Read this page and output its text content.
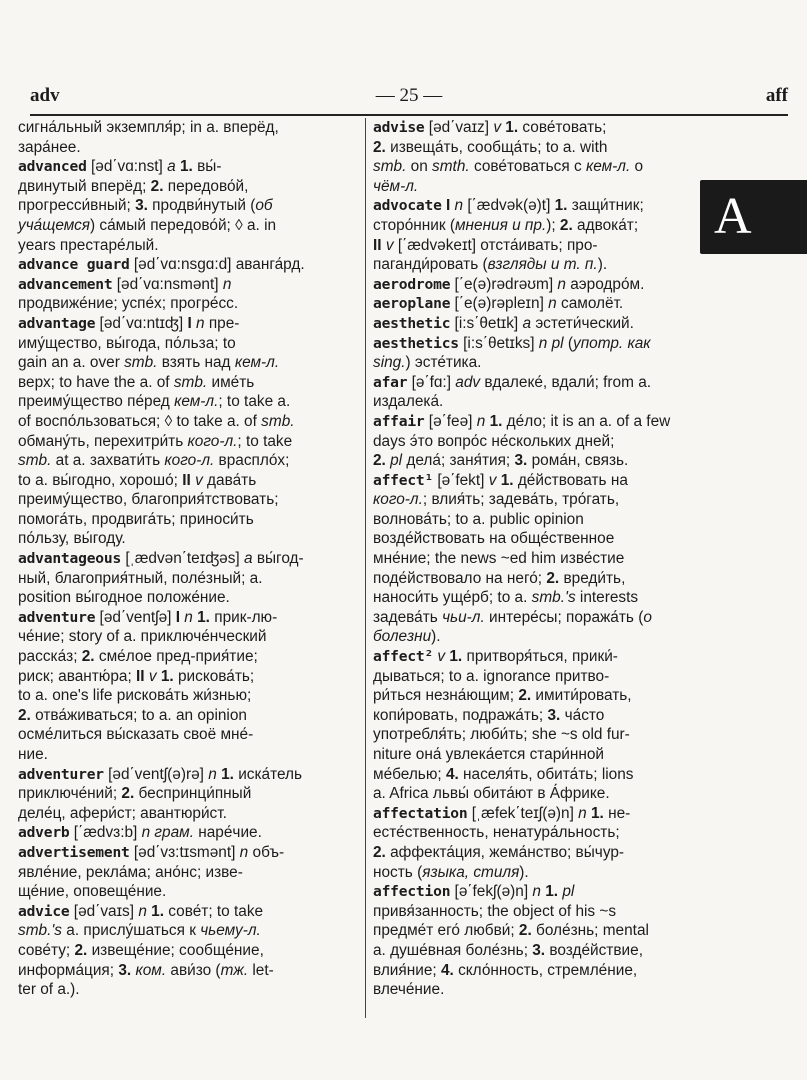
adv	— 25 —	aff
сигна́льный экземпля́р; in a. вперёд,
зара́нее.
advanced [əd΄vɑ:nst] a 1. вы́-
двинутый вперёд; 2. передово́й,
прогресси́вный; 3. продви́нутый (об
уча́щемся) са́мый передово́й; ◊ a. in
years престаре́лый.
advance guard [əd΄vɑ:nsgɑ:d] аванга́рд.
advancement [əd΄vɑ:nsmənt] n
продвиже́ние; успе́х; прогре́сс.
advantage [əd΄vɑ:ntɪʤ] I n пре-
иму́щество, вы́года, по́льза; to
gain an a. over smb. взять над кем-л.
верх; to have the a. of smb. име́ть
преиму́щество пе́ред кем-л.; to take a.
of воспо́льзоваться; ◊ to take a. of smb.
обману́ть, перехитри́ть кого-л.; to take
smb. at a. захвати́ть кого-л. врасплóх;
to a. вы́годно, хорошо́; II v дава́ть
преиму́щество, благоприя́тствовать;
помога́ть, продвига́ть; приноси́ть
по́льзу, вы́году.
advantageous [ˌædvən΄teɪʤəs] a вы́год-
ный, благоприя́тный, поле́зный; a.
position вы́годное положе́ние.
adventure [əd΄ventʃə] I n 1. прик-лю-
че́ние; story of a. приключе́нческий
расска́з; 2. сме́лое пред-прия́тие;
риск; авантю́ра; II v 1. рискова́ть;
to a. one's life рискова́ть жи́знью;
2. отва́живаться; to a. an opinion
осме́литься вы́сказать своё мне́-
ние.
adventurer [əd΄ventʃ(ə)rə] n 1. иска́тель
приключе́ний; 2. беспринци́пный
деле́ц, афери́ст; авантюри́ст.
adverb [΄ædvɜ:b] n грам. наре́чие.
advertisement [əd΄vɜ:tɪsmənt] n объ-
явле́ние, рекла́ма; ано́нс; изве-
ще́ние, оповеще́ние.
advice [əd΄vaɪs] n 1. сове́т; to take
smb.'s a. прислу́шаться к чьему-л.
сове́ту; 2. извеще́ние; сообще́ние,
информа́ция; 3. ком. ави́зо (тж. let-
ter of a.).
advise [əd΄vaɪz] v 1. сове́товать;
2. извеща́ть, сообща́ть; to a. with
smb. on smth. сове́товаться с кем-л. о
чём-л.
advocate I n [΄ædvək(ə)t] 1. защи́тник;
сторо́нник (мнения и пр.); 2. адвока́т;
II v [΄ædvəkeɪt] отста́ивать; про-
паганди́ровать (взгляды и т. п.).
aerodrome [΄e(ə)rədrəʊm] n аэродро́м.
aeroplane [΄e(ə)rəpleɪn] n самолёт.
aesthetic [i:s΄θetɪk] a эстети́ческий.
aesthetics [i:s΄θetɪks] n pl (употр. как
sing.) эсте́тика.
afar [ə΄fɑ:] adv вдалеке́, вдали́; from a.
издалека́.
affair [ə΄feə] n 1. де́ло; it is an a. of a few
days э́то вопро́с не́скольких дней;
2. pl дела́; заня́тия; 3. рома́н, связь.
affect¹ [ə΄fekt] v 1. де́йствовать на
кого-л.; влия́ть; задева́ть, тро́гать,
волнова́ть; to a. public opinion
возде́йствовать на обще́ственное
мне́ние; the news ~ed him изве́стие
поде́йствовало на него́; 2. вреди́ть,
наноси́ть уще́рб; to a. smb.'s interests
задева́ть чьи-л. интере́сы; поража́ть (о
болезни).
affect² v 1. притворя́ться, прики́-
дываться; to a. ignorance притво-
ри́ться незна́ющим; 2. имити́ровать,
копи́ровать, подража́ть; 3. ча́сто
употребля́ть; люби́ть; she ~s old fur-
niture она́ увлека́ется стари́нной
ме́белью; 4. населя́ть, обита́ть; lions
a. Africa львы́ обита́ют в А́фрике.
affectation [ˌæfek΄teɪʃ(ə)n] n 1. не-
есте́ственность, ненатура́льность;
2. аффекта́ция, жема́нство; вы́чур-
ность (языка, стиля).
affection [ə΄fekʃ(ə)n] n 1. pl
привя́занность; the object of his ~s
предме́т его́ любви́; 2. боле́знь; mental
a. душе́вная боле́знь; 3. возде́йствие,
влия́ние; 4. скло́нность, стремле́ние,
влече́ние.
A
